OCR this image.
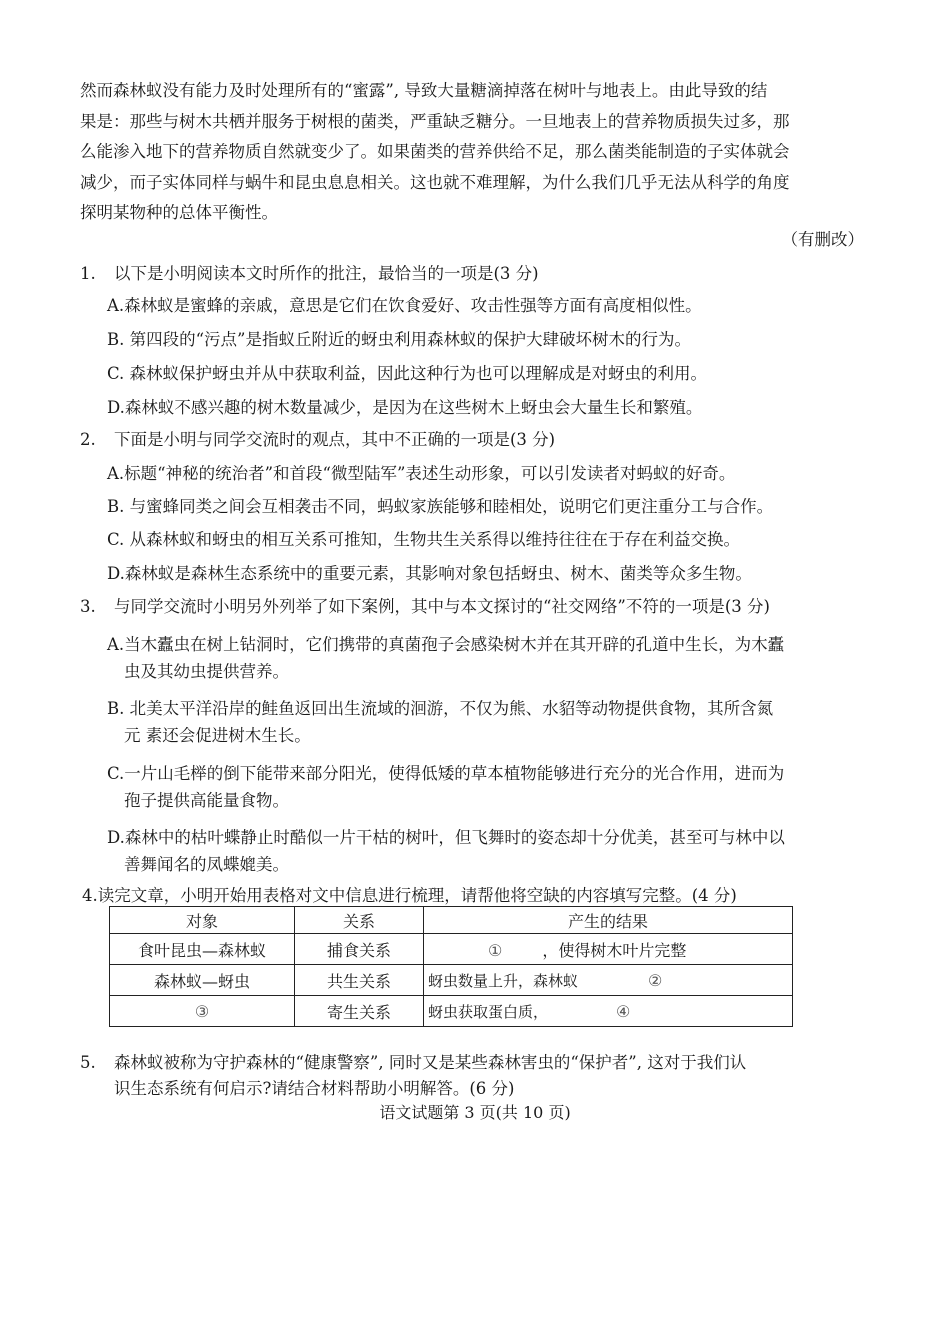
然而森林蚁没有能力及时处理所有的“蜜露”, 导致大量糖滴掉落在树叶与地表上。由此导致的结
果是：那些与树木共栖并服务于树根的菌类，严重缺乏糖分。一旦地表上的营养物质损失过多，那
么能渗入地下的营养物质自然就变少了。如果菌类的营养供给不足，那么菌类能制造的子实体就会
减少，而子实体同样与蜗牛和昆虫息息相关。这也就不难理解，为什么我们几乎无法从科学的角度
探明某物种的总体平衡性。
（有删改）
1. 以下是小明阅读本文时所作的批注，最恰当的一项是(3 分)
A.森林蚁是蜜蜂的亲戚，意思是它们在饮食爱好、攻击性强等方面有高度相似性。
B. 第四段的“污点”是指蚁丘附近的蚜虫利用森林蚁的保护大肆破坏树木的行为。
C. 森林蚁保护蚜虫并从中获取利益，因此这种行为也可以理解成是对蚜虫的利用。
D.森林蚁不感兴趣的树木数量减少，是因为在这些树木上蚜虫会大量生长和繁殖。
2. 下面是小明与同学交流时的观点，其中不正确的一项是(3 分)
A.标题“神秘的统治者”和首段“微型陆军”表述生动形象，可以引发读者对蚂蚁的好奇。
B. 与蜜蜂同类之间会互相袭击不同，蚂蚁家族能够和睦相处，说明它们更注重分工与合作。
C. 从森林蚁和蚜虫的相互关系可推知，生物共生关系得以维持往往在于存在利益交换。
D.森林蚁是森林生态系统中的重要元素，其影响对象包括蚜虫、树木、菌类等众多生物。
3. 与同学交流时小明另外列举了如下案例，其中与本文探讨的“社交网络”不符的一项是(3 分)
A.当木蠹虫在树上钻洞时，它们携带的真菌孢子会感染树木并在其开辟的孔道中生长，为木蠹
虫及其幼虫提供营养。
B. 北美太平洋沿岸的鲑鱼返回出生流域的洄游，不仅为熊、水貂等动物提供食物，其所含氮
元 素还会促进树木生长。
C.一片山毛榉的倒下能带来部分阳光，使得低矮的草本植物能够进行充分的光合作用，进而为
孢子提供高能量食物。
D.森林中的枯叶蝶静止时酷似一片干枯的树叶，但飞舞时的姿态却十分优美，甚至可与林中以
善舞闻名的凤蝶媲美。
4.读完文章，小明开始用表格对文中信息进行梳理，请帮他将空缺的内容填写完整。(4 分)
对象	关系	产生的结果
食叶昆虫—森林蚁	捕食关系	① ，使得树木叶片完整
森林蚁—蚜虫	共生关系	蚜虫数量上升，森林蚁 ②
③	寄生关系	蚜虫获取蛋白质， ④
5. 森林蚁被称为守护森林的“健康警察”, 同时又是某些森林害虫的“保护者”, 这对于我们认
识生态系统有何启示?请结合材料帮助小明解答。(6 分)
语文试题第 3 页(共 10 页)
